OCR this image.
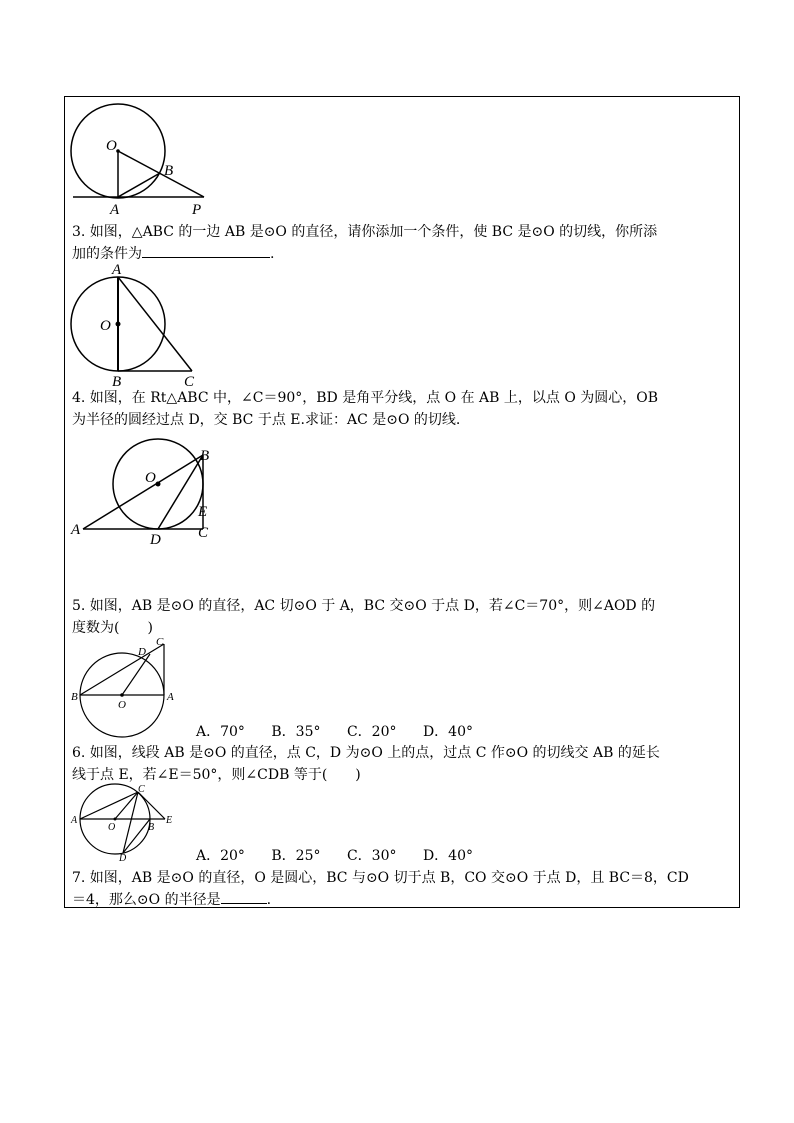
O
A
B
P
3. 如图，△ABC 的一边 AB 是⊙O 的直径，请你添加一个条件，使 BC 是⊙O 的切线，你所添
加的条件为	.
A
O
B	C
4. 如图，在 Rt△ABC 中，∠C＝90°，BD 是角平分线，点 O 在 AB 上，以点 O 为圆心，OB
为半径的圆经过点 D，交 BC 于点 E.求证：AC 是⊙O 的切线.
O
B
E
A
D C
5. 如图，AB 是⊙O 的直径，AC 切⊙O 于 A，BC 交⊙O 于点 D，若∠C＝70°，则∠AOD 的
度数为(　　)
C
D
B
O
A
A．70° B．35° C．20° D．40°
6. 如图，线段 AB 是⊙O 的直径，点 C，D 为⊙O 上的点，过点 C 作⊙O 的切线交 AB 的延长
线于点 E，若∠E＝50°，则∠CDB 等于(　　)
A
O
C
B
E
D	A．20° B．25° C．30° D．40°
7. 如图，AB 是⊙O 的直径，O 是圆心，BC 与⊙O 切于点 B，CO 交⊙O 于点 D，且 BC＝8，CD
＝4，那么⊙O 的半径是	.
